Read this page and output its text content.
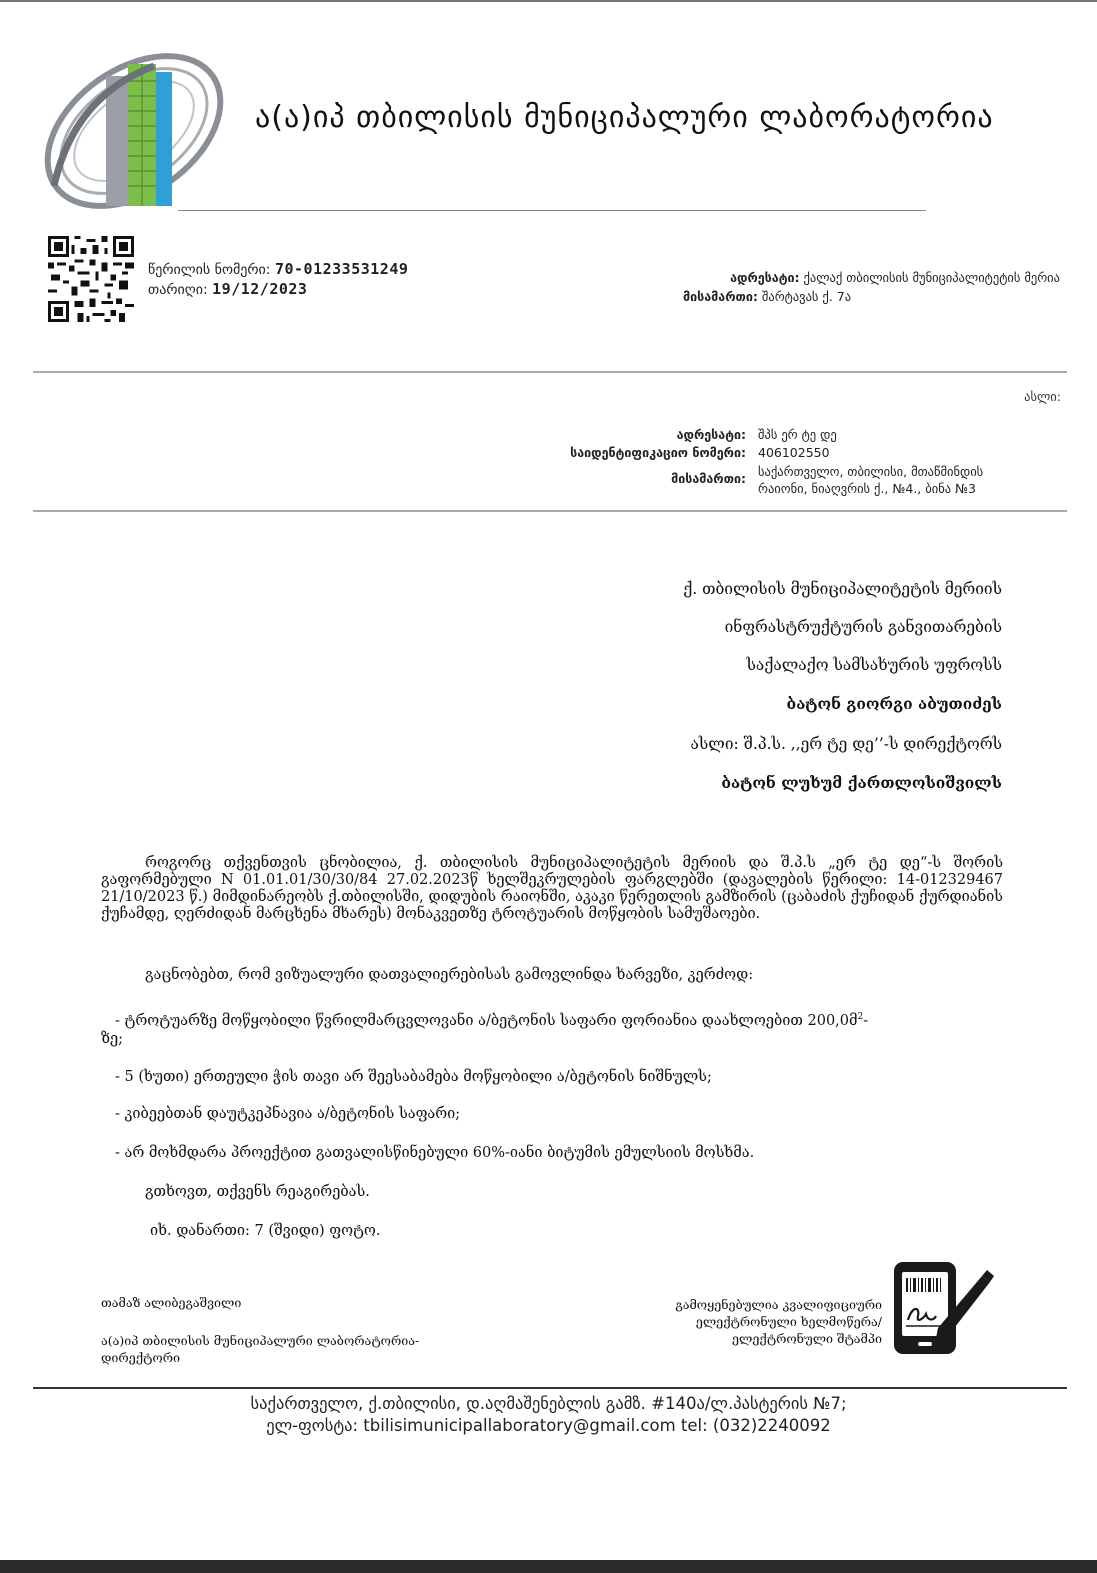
ა(ა)იპ თბილისის მუნიციპალური ლაბორატორია
წერილის ნომერი: 70-01233531249
თარიღი: 19/12/2023
ადრესატი: ქალაქ თბილისის მუნიციპალიტეტის მერია
მისამართი: შარტავას ქ. 7ა
ასლი:
ადრესატი: შპს ერ ტე დე
საიდენტიფიკაციო ნომერი: 406102550
მისამართი: საქართველო, თბილისი, მთაწმინდის
რაიონი, ნიაღვრის ქ., №4., ბინა №3
ქ. თბილისის მუნიციპალიტეტის მერიის
ინფრასტრუქტურის განვითარების
საქალაქო სამსახურის უფროსს
ბატონ გიორგი აბუთიძეს
ასლი: შ.პ.ს. ,,ერ ტე დე’’-ს დირექტორს
ბატონ ლუხუმ ქართლოსიშვილს
როგორც თქვენთვის ცნობილია, ქ. თბილისის მუნიციპალიტეტის მერიის და შ.პ.ს „ერ ტე დე“-ს შორის გაფორმებული N 01.01.01/30/30/84 27.02.2023წ ხელშეკრულების ფარგლებში (დავალების წერილი: 14-012329467 21/10/2023 წ.) მიმდინარეობს ქ.თბილისში, დიდუბის რაიონში, აკაკი წერეთლის გამზირის (ცაბაძის ქუჩიდან ქურდიანის ქუჩამდე, ღერძიდან მარცხენა მხარეს) მონაკვეთზე ტროტუარის მოწყობის სამუშაოები.
გაცნობებთ, რომ ვიზუალური დათვალიერებისას გამოვლინდა ხარვეზი, კერძოდ:
- ტროტუარზე მოწყობილი წვრილმარცვლოვანი ა/ბეტონის საფარი ფორიანია დაახლოებით 200,0მ$^2$-
ზე;
- 5 (ხუთი) ერთეული ჭის თავი არ შეესაბამება მოწყობილი ა/ბეტონის ნიშნულს;
- კიბეებთან დაუტკეპნავია ა/ბეტონის საფარი;
- არ მოხმდარა პროექტით გათვალისწინებული 60%-იანი ბიტუმის ემულსიის მოსხმა.
გთხოვთ, თქვენს რეაგირებას.
იხ. დანართი: 7 (შვიდი) ფოტო.
თამაზ ალიბეგაშვილი
ა(ა)იპ თბილისის მუნიციპალური ლაბორატორია-
დირექტორი
გამოყენებულია კვალიფიციური
ელექტრონული ხელმოწერა/
ელექტრონული შტამპი
საქართველო, ქ.თბილისი, დ.აღმაშენებლის გამზ. #140ა/ლ.პასტერის №7;
ელ-ფოსტა: tbilisimunicipallaboratory@gmail.com tel: (032)2240092
